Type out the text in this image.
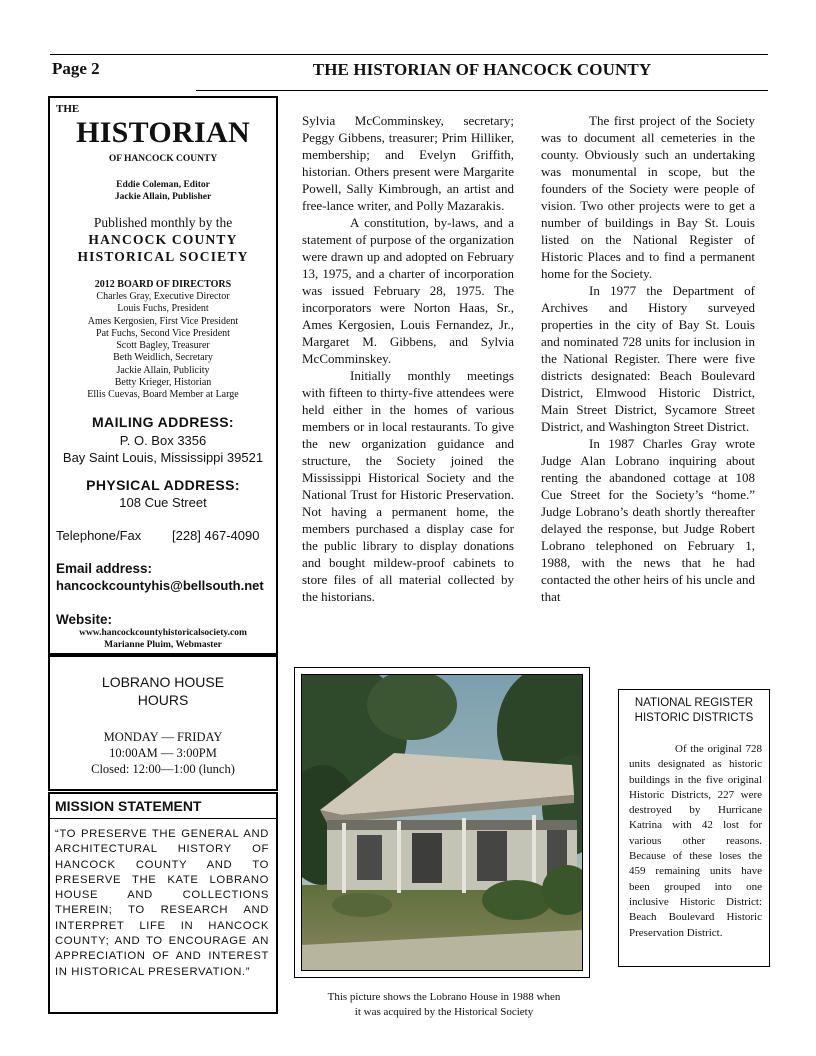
Page 2	THE HISTORIAN OF HANCOCK COUNTY
THE
HISTORIAN
OF HANCOCK COUNTY
Eddie Coleman, Editor
Jackie Allain, Publisher
Published monthly by the
HANCOCK COUNTY
HISTORICAL SOCIETY
2012 BOARD OF DIRECTORS
Charles Gray, Executive Director
Louis Fuchs, President
Ames Kergosien, First Vice President
Pat Fuchs, Second Vice President
Scott Bagley, Treasurer
Beth Weidlich, Secretary
Jackie Allain, Publicity
Betty Krieger, Historian
Ellis Cuevas, Board Member at Large
MAILING ADDRESS:
P. O. Box 3356
Bay Saint Louis, Mississippi 39521
PHYSICAL ADDRESS:
108 Cue Street
Telephone/Fax [228] 467-4090
Email address:
hancockcountyhis@bellsouth.net
Website:
www.hancockcountyhistoricalsociety.com
Marianne Pluim, Webmaster
LOBRANO HOUSE
HOURS
MONDAY — FRIDAY
10:00AM — 3:00PM
Closed: 12:00—1:00 (lunch)
MISSION STATEMENT
“TO PRESERVE THE GENERAL AND ARCHITECTURAL HISTORY OF HANCOCK COUNTY AND TO PRESERVE THE KATE LOBRANO HOUSE AND COLLECTIONS THEREIN; TO RESEARCH AND INTERPRET LIFE IN HANCOCK COUNTY; AND TO ENCOURAGE AN APPRECIATION OF AND INTEREST IN HISTORICAL PRESERVATION.”

Sylvia McComminskey, secretary; Peggy Gibbens, treasurer; Prim Hilliker, membership; and Evelyn Griffith, historian. Others present were Margarite Powell, Sally Kimbrough, an artist and free-lance writer, and Polly Mazarakis.

A constitution, by-laws, and a statement of purpose of the organization were drawn up and adopted on February 13, 1975, and a charter of incorporation was issued February 28, 1975. The incorporators were Norton Haas, Sr., Ames Kergosien, Louis Fernandez, Jr., Margaret M. Gibbens, and Sylvia McComminskey.

Initially monthly meetings with fifteen to thirty-five attendees were held either in the homes of various members or in local restaurants. To give the new organization guidance and structure, the Society joined the Mississippi Historical Society and the National Trust for Historic Preservation. Not having a permanent home, the members purchased a display case for the public library to display donations and bought mildew-proof cabinets to store files of all material collected by the historians.

The first project of the Society was to document all cemeteries in the county. Obviously such an undertaking was monumental in scope, but the founders of the Society were people of vision. Two other projects were to get a number of buildings in Bay St. Louis listed on the National Register of Historic Places and to find a permanent home for the Society.

In 1977 the Department of Archives and History surveyed properties in the city of Bay St. Louis and nominated 728 units for inclusion in the National Register. There were five districts designated: Beach Boulevard District, Elmwood Historic District, Main Street District, Sycamore Street District, and Washington Street District.

In 1987 Charles Gray wrote Judge Alan Lobrano inquiring about renting the abandoned cottage at 108 Cue Street for the Society’s “home.” Judge Lobrano’s death shortly thereafter delayed the response, but Judge Robert Lobrano telephoned on February 1, 1988, with the news that he had contacted the other heirs of his uncle and that

This picture shows the Lobrano House in 1988 when
it was acquired by the Historical Society
NATIONAL REGISTER
HISTORIC DISTRICTS
Of the original 728 units designated as historic buildings in the five original Historic Districts, 227 were destroyed by Hurricane Katrina with 42 lost for various other reasons. Because of these loses the 459 remaining units have been grouped into one inclusive Historic District: Beach Boulevard Historic Preservation District.
